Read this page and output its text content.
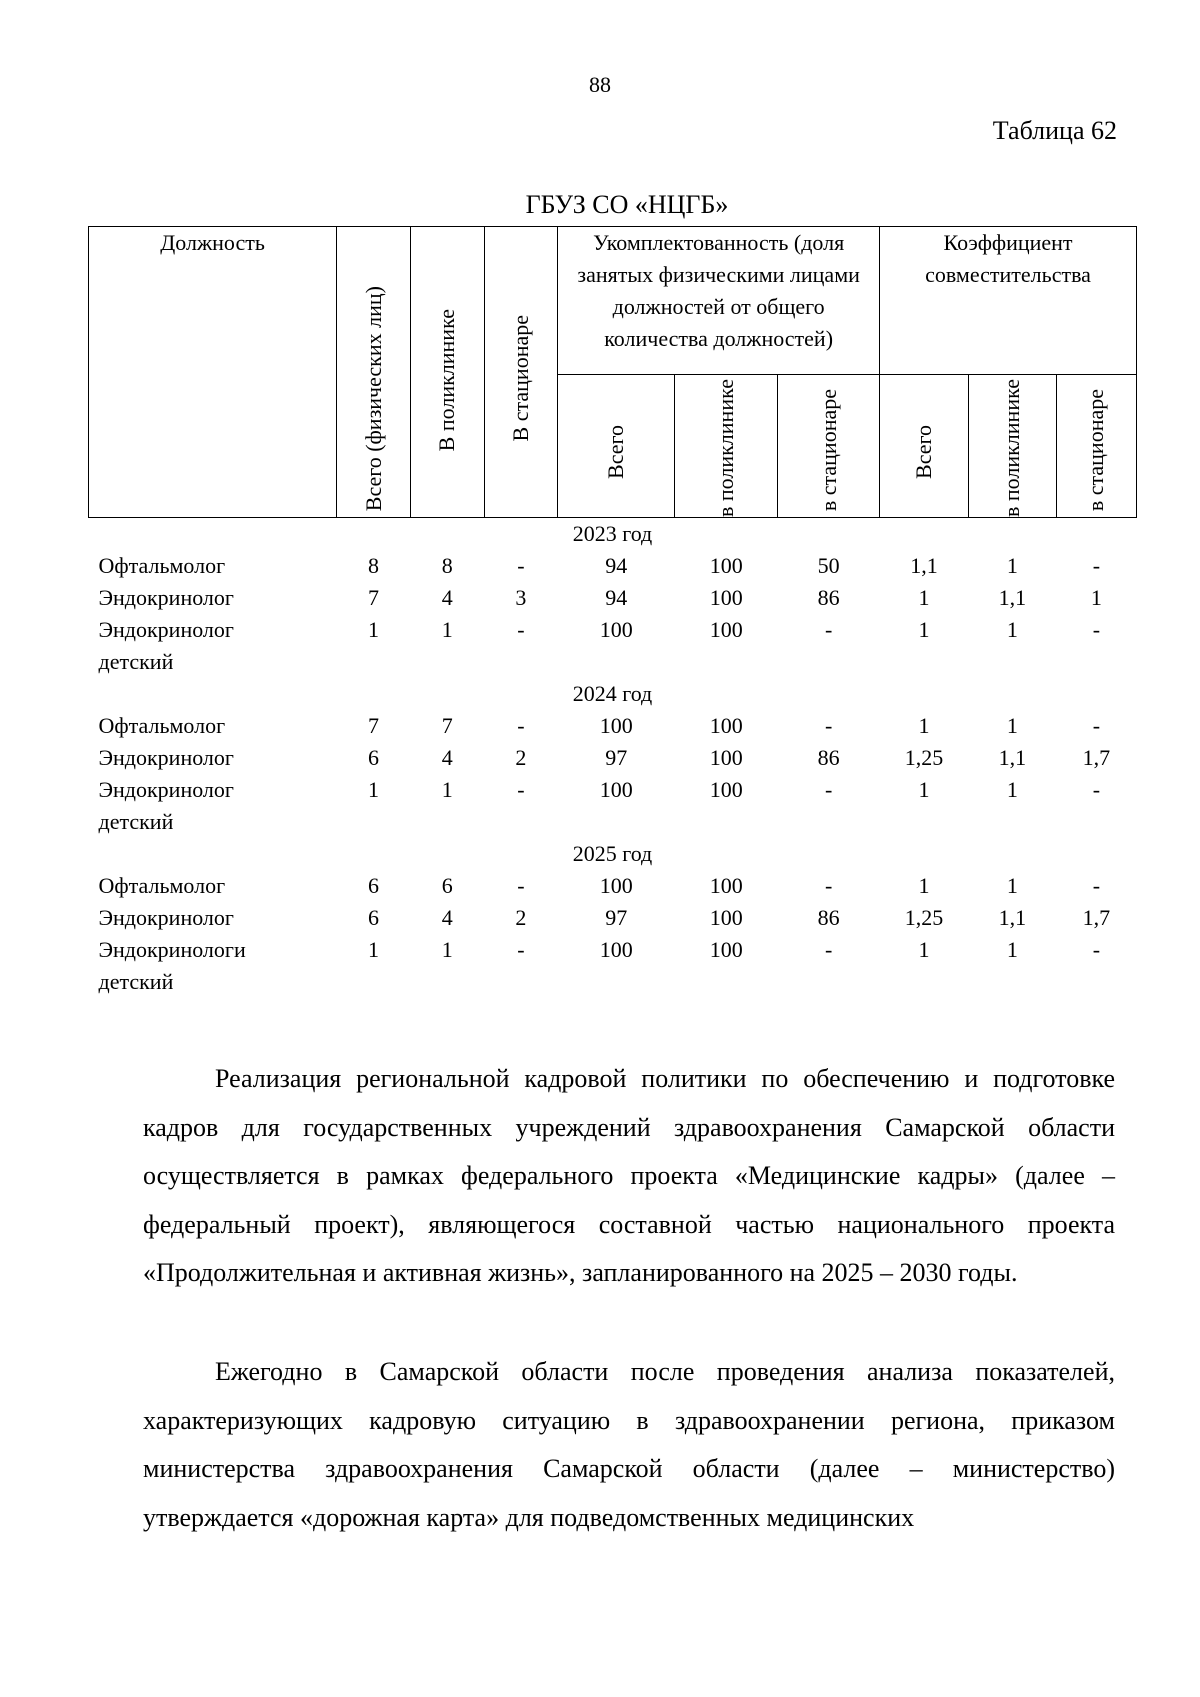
88
Таблица 62
ГБУЗ СО «НЦГБ»
Должность	Всего (физических лиц)	В поликлинике	В стационаре	Укомплектованность (доля занятых физическими лицами должностей от общего количества должностей)			Коэффициент совместительства		

				Всего	в поликлинике	в стационаре	Всего	в поликлинике	в стационаре

2023 год									

Офтальмолог	8	8	-	94	100	50	1,1	1	-

Эндокринолог	7	4	3	94	100	86	1	1,1	1

Эндокринолог
детский	1	1	-	100	100	-	1	1	-
2024 год									

Офтальмолог	7	7	-	100	100	-	1	1	-

Эндокринолог	6	4	2	97	100	86	1,25	1,1	1,7

Эндокринолог
детский	1	1	-	100	100	-	1	1	-
2025 год									

Офтальмолог	6	6	-	100	100	-	1	1	-

Эндокринолог	6	4	2	97	100	86	1,25	1,1	1,7

Эндокринологи
детский	1	1	-	100	100	-	1	1	-

Реализация региональной кадровой политики по обеспечению и подготовке кадров для государственных учреждений здравоохранения Самарской области осуществляется в рамках федерального проекта «Медицинские кадры» (далее – федеральный проект), являющегося составной частью национального проекта «Продолжительная и активная жизнь», запланированного на 2025 – 2030 годы.

Ежегодно в Самарской области после проведения анализа показателей, характеризующих кадровую ситуацию в здравоохранении региона, приказом министерства здравоохранения Самарской области (далее – министерство) утверждается «дорожная карта» для подведомственных медицинских
